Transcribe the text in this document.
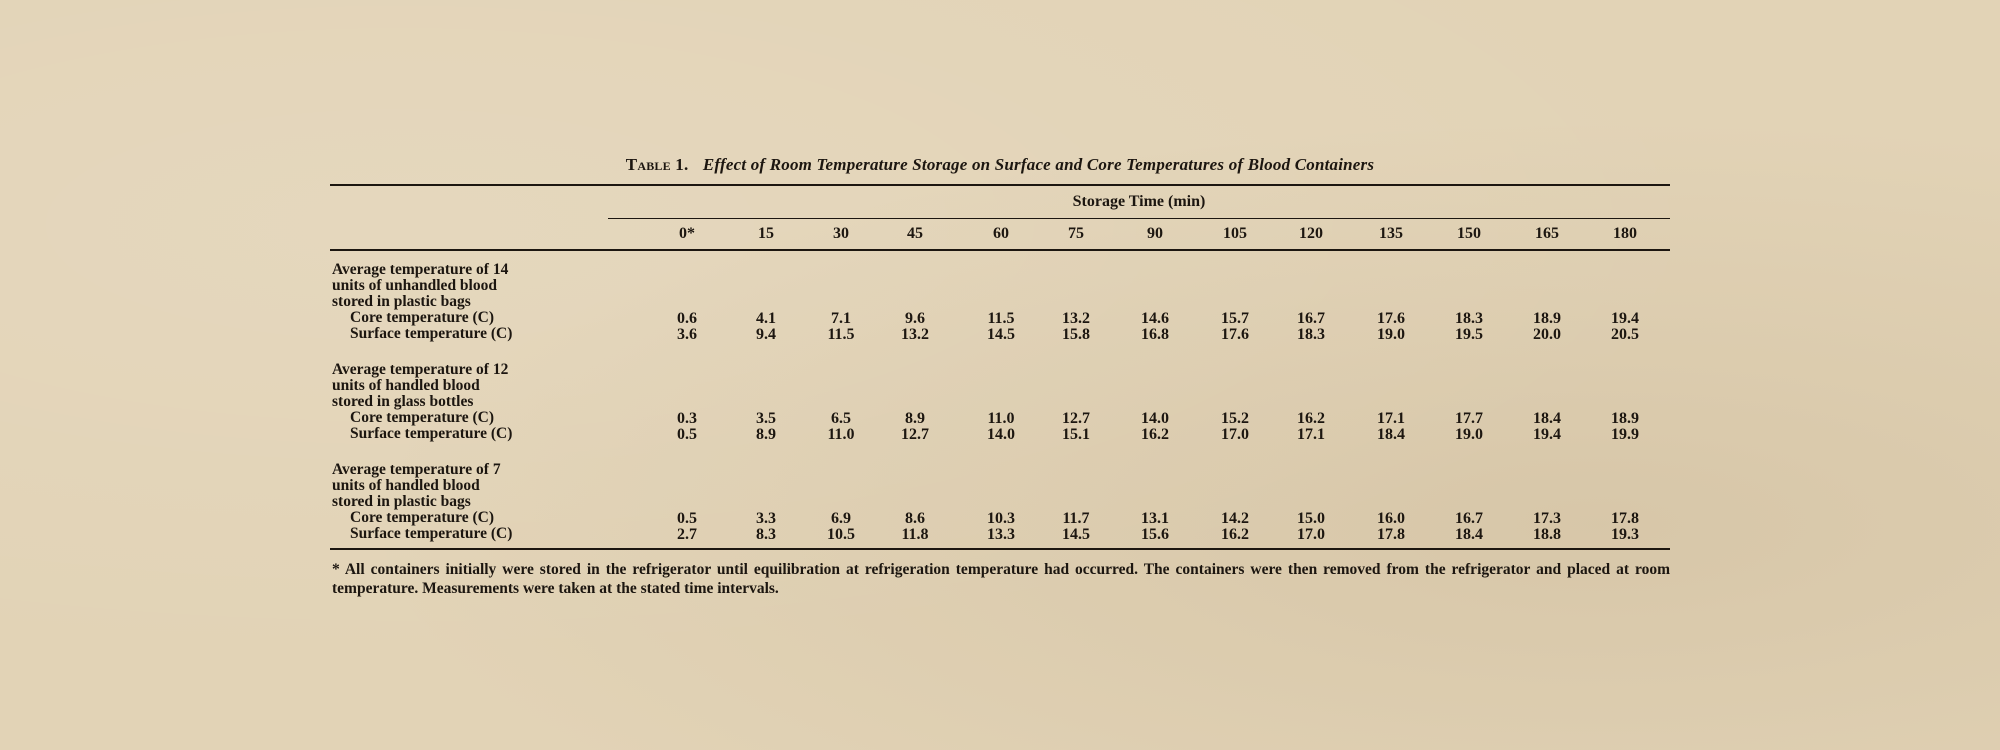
Table 1. Effect of Room Temperature Storage on Surface and Core Temperatures of Blood Containers
Storage Time (min)
0*	15	30	45	60	75	90	105	120	135	150	165	180
Average temperature of 14
units of unhandled blood
stored in plastic bags
Core temperature (C)	0.6	4.1	7.1	9.6	11.5	13.2	14.6	15.7	16.7	17.6	18.3	18.9	19.4
Surface temperature (C)	3.6	9.4	11.5	13.2	14.5	15.8	16.8	17.6	18.3	19.0	19.5	20.0	20.5
Average temperature of 12
units of handled blood
stored in glass bottles
Core temperature (C)	0.3	3.5	6.5	8.9	11.0	12.7	14.0	15.2	16.2	17.1	17.7	18.4	18.9
Surface temperature (C)	0.5	8.9	11.0	12.7	14.0	15.1	16.2	17.0	17.1	18.4	19.0	19.4	19.9
Average temperature of 7
units of handled blood
stored in plastic bags
Core temperature (C)	0.5	3.3	6.9	8.6	10.3	11.7	13.1	14.2	15.0	16.0	16.7	17.3	17.8
Surface temperature (C)	2.7	8.3	10.5	11.8	13.3	14.5	15.6	16.2	17.0	17.8	18.4	18.8	19.3
* All containers initially were stored in the refrigerator until equilibration at refrigeration temperature had occurred. The containers were then removed from the refrigerator and placed at room temperature. Measurements were taken at the stated time intervals.
